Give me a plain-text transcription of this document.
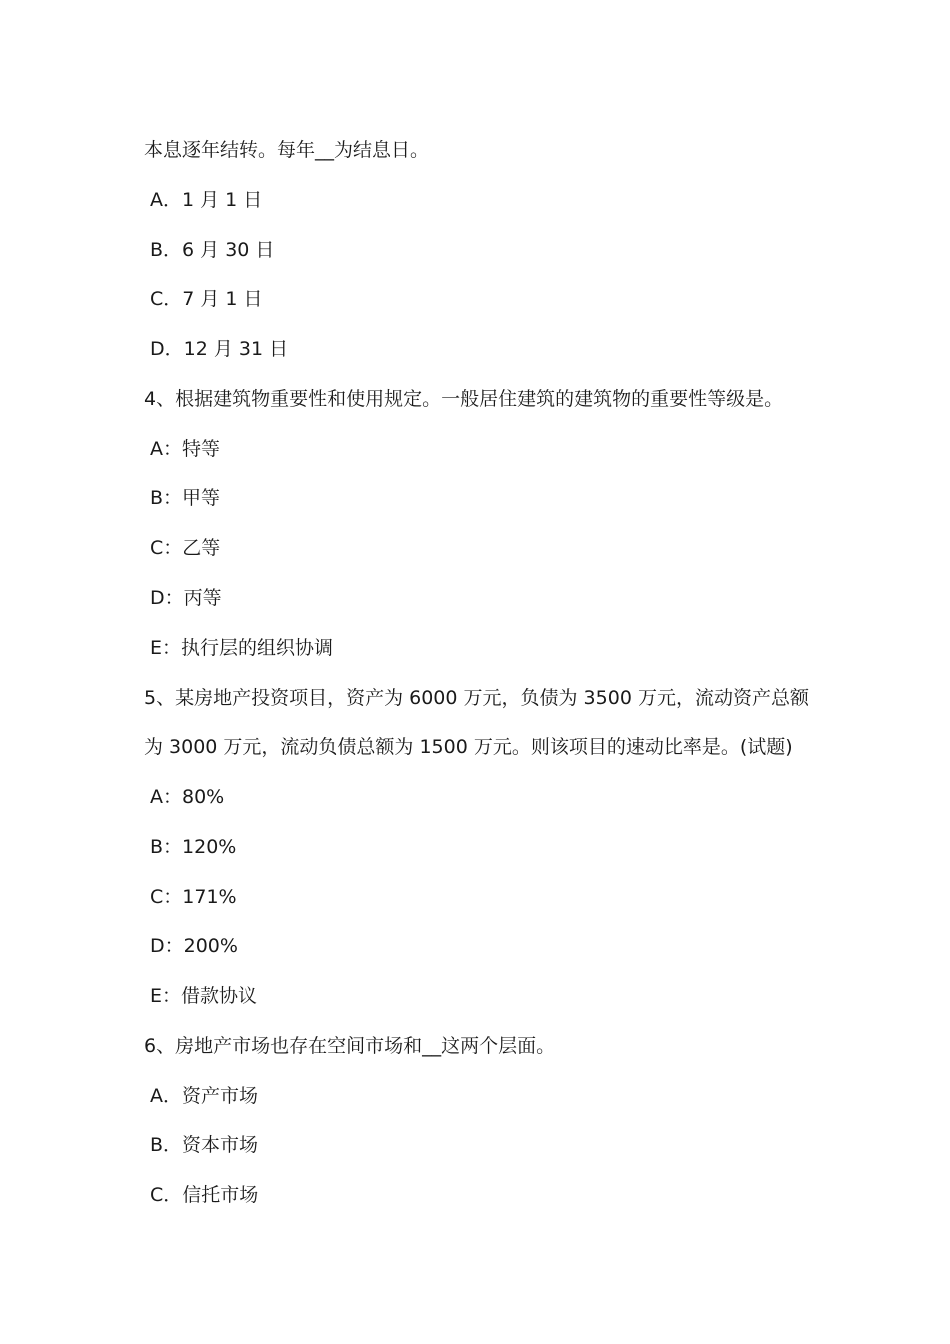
本息逐年结转。每年__为结息日。
A．1 月 1 日
B．6 月 30 日
C．7 月 1 日
D．12 月 31 日
4、根据建筑物重要性和使用规定。一般居住建筑的建筑物的重要性等级是。
A：特等
B：甲等
C：乙等
D：丙等
E：执行层的组织协调
5、某房地产投资项目，资产为 6000 万元，负债为 3500 万元，流动资产总额
为 3000 万元，流动负债总额为 1500 万元。则该项目的速动比率是。(试题)
A：80%
B：120%
C：171%
D：200%
E：借款协议
6、房地产市场也存在空间市场和__这两个层面。
A．资产市场
B．资本市场
C．信托市场
